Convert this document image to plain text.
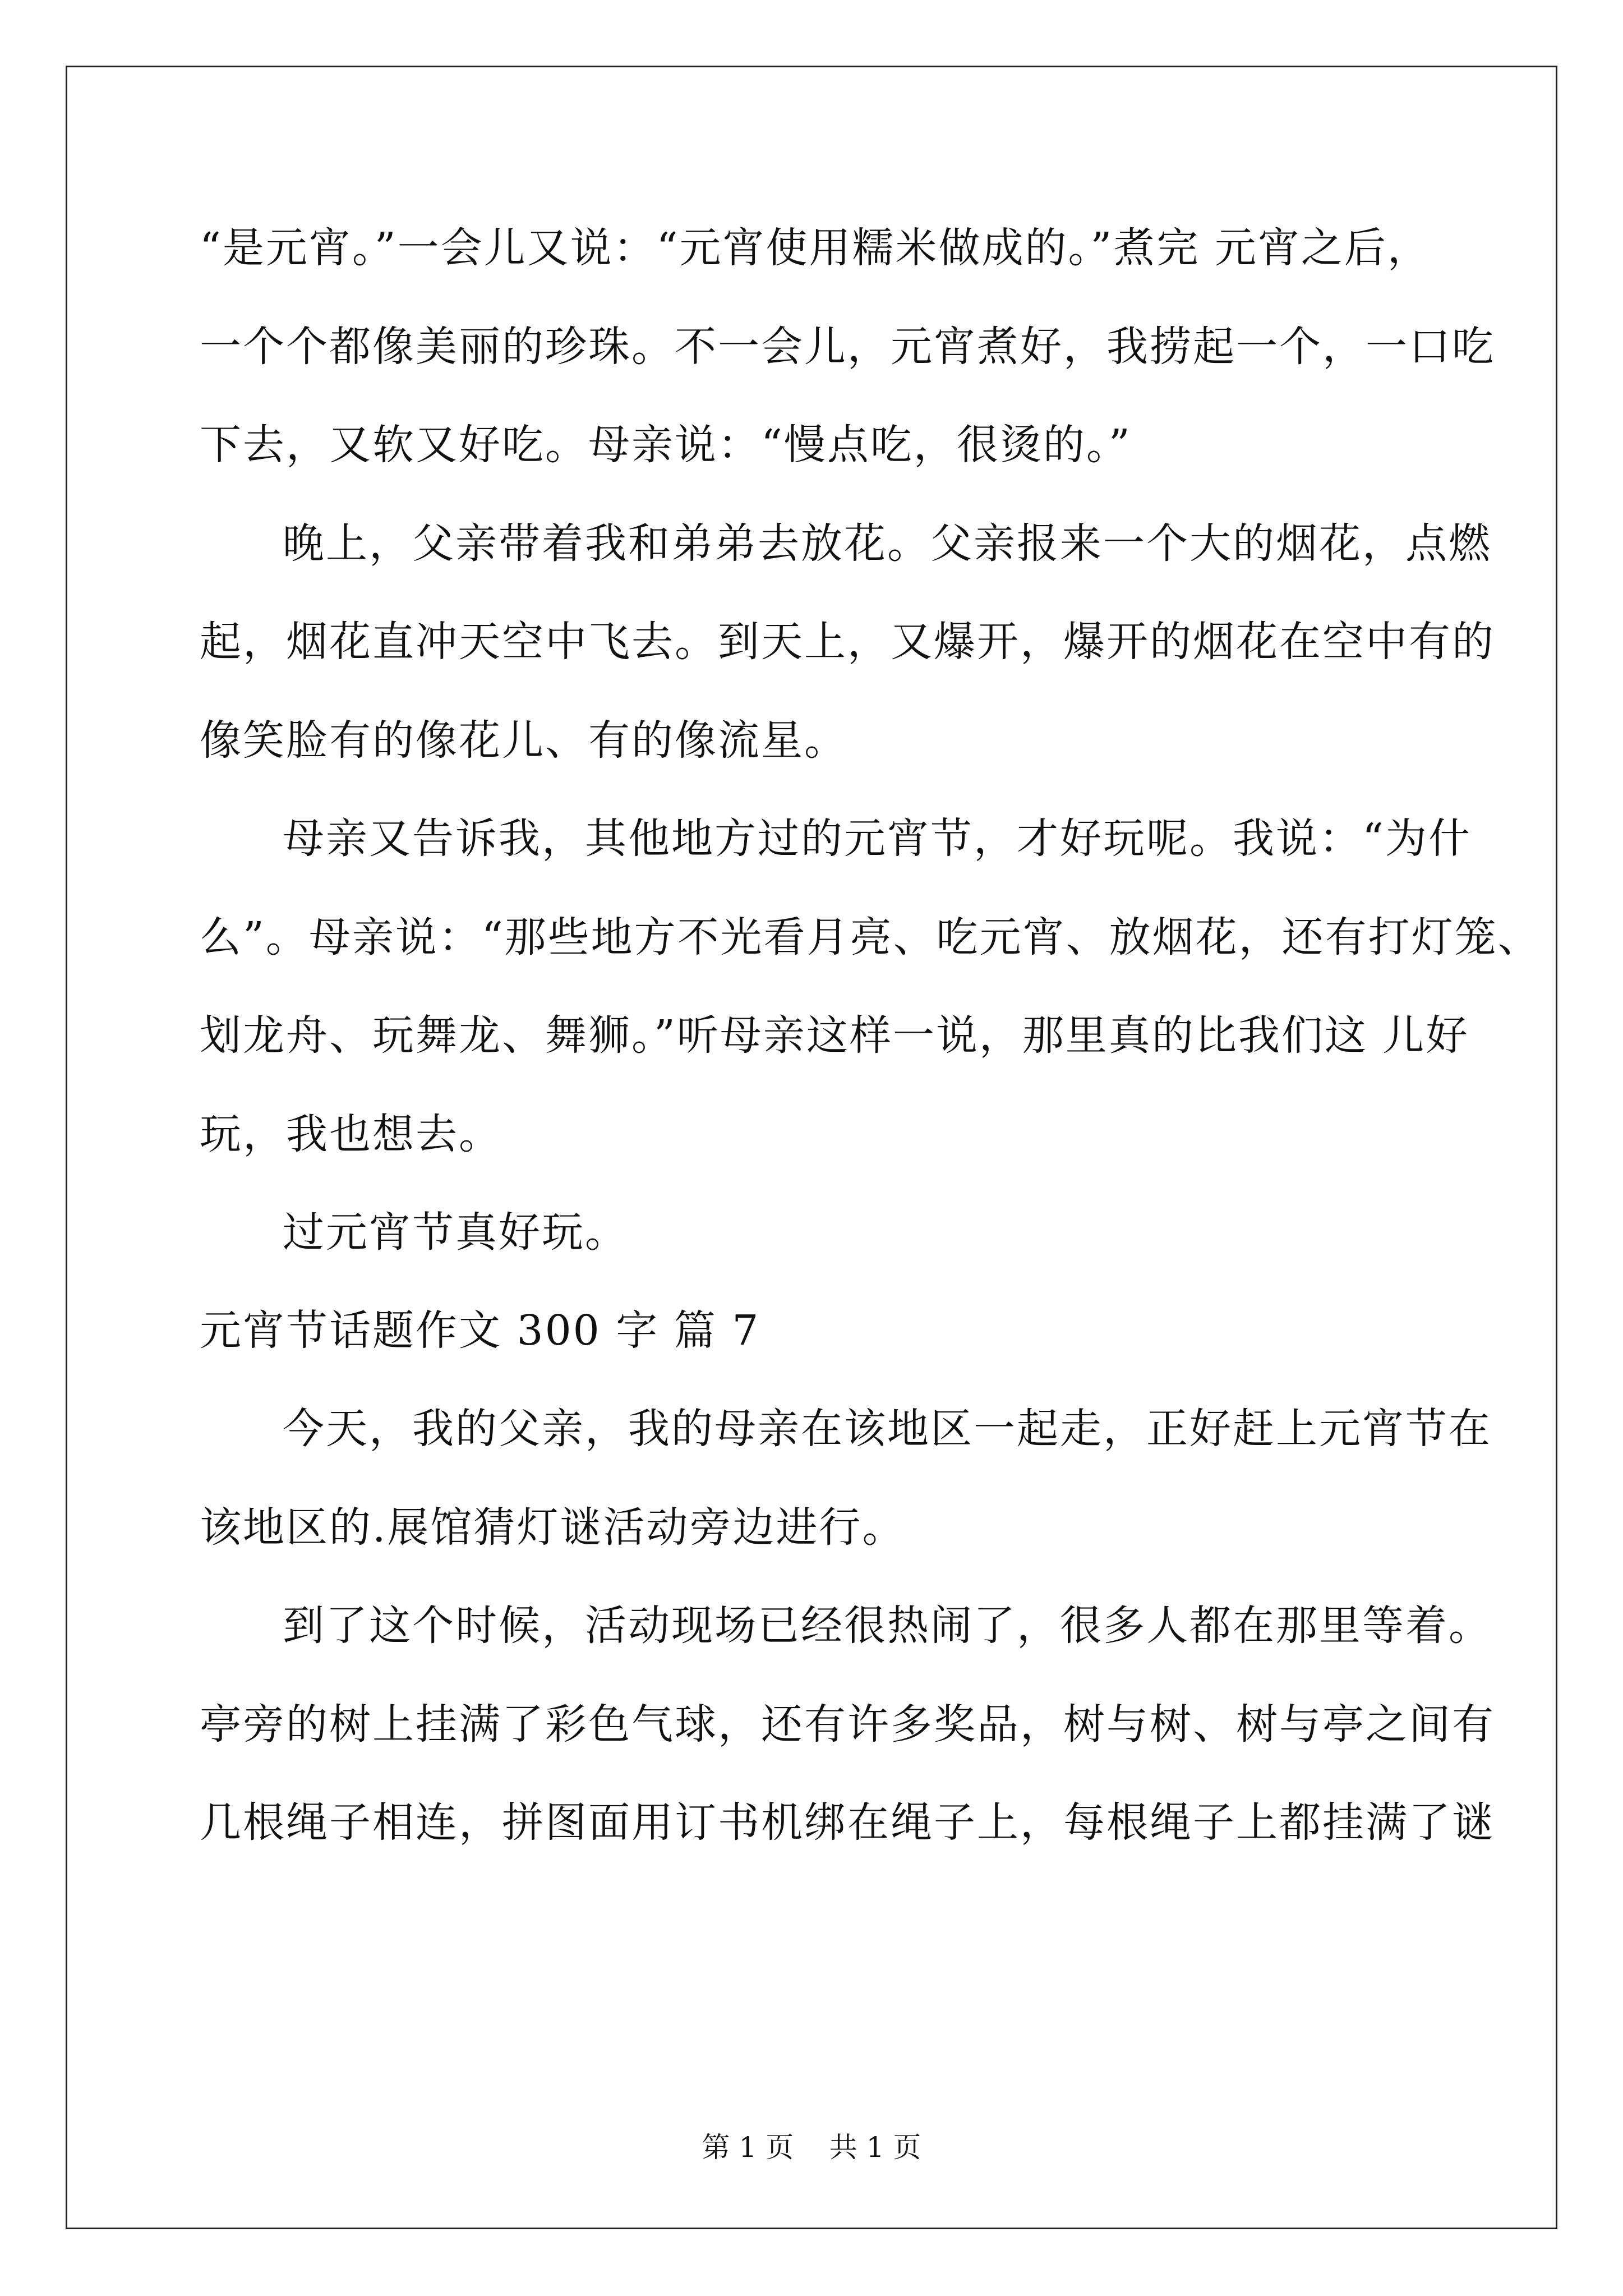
“是元宵。”一会儿又说：“元宵使用糯米做成的。”煮完 元宵之后，
一个个都像美丽的珍珠。不一会儿，元宵煮好，我捞起一个，一口吃
下去，又软又好吃。母亲说：“慢点吃，很烫的。”
晚上，父亲带着我和弟弟去放花。父亲报来一个大的烟花，点燃
起，烟花直冲天空中飞去。到天上，又爆开，爆开的烟花在空中有的
像笑脸有的像花儿、有的像流星。
母亲又告诉我，其他地方过的元宵节，才好玩呢。我说：“为什
么”。母亲说：“那些地方不光看月亮、吃元宵、放烟花，还有打灯笼、
划龙舟、玩舞龙、舞狮。”听母亲这样一说，那里真的比我们这 儿好
玩，我也想去。
过元宵节真好玩。
元宵节话题作文 300 字 篇 7
今天，我的父亲，我的母亲在该地区一起走，正好赶上元宵节在
该地区的.展馆猜灯谜活动旁边进行。
到了这个时候，活动现场已经很热闹了，很多人都在那里等着。
亭旁的树上挂满了彩色气球，还有许多奖品，树与树、树与亭之间有
几根绳子相连，拼图面用订书机绑在绳子上，每根绳子上都挂满了谜
第 1 页    共 1 页
